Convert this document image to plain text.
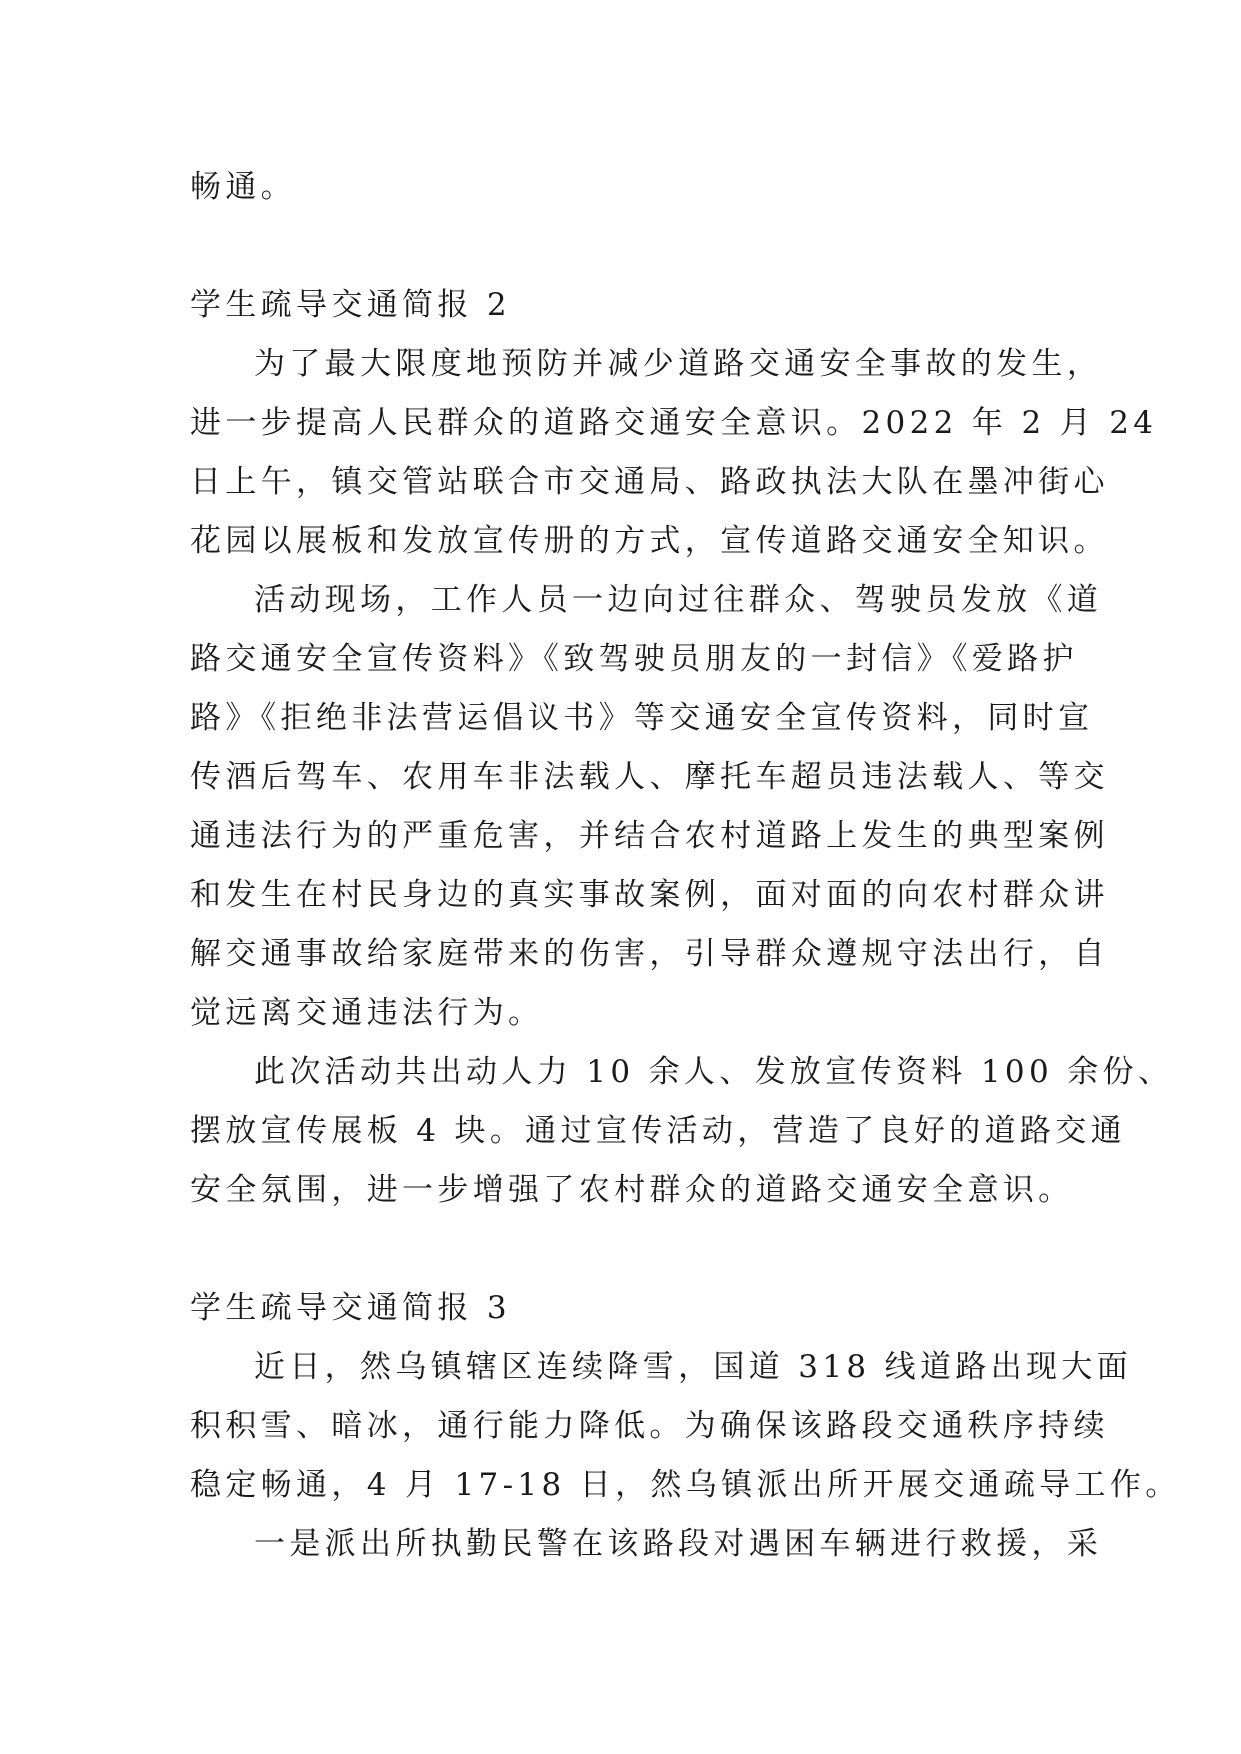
畅通。
学生疏导交通简报 2
为了最大限度地预防并减少道路交通安全事故的发生，
进一步提高人民群众的道路交通安全意识。2022 年 2 月 24
日上午，镇交管站联合市交通局、路政执法大队在墨冲街心
花园以展板和发放宣传册的方式，宣传道路交通安全知识。
活动现场，工作人员一边向过往群众、驾驶员发放《道
路交通安全宣传资料》《致驾驶员朋友的一封信》《爱路护
路》《拒绝非法营运倡议书》等交通安全宣传资料，同时宣
传酒后驾车、农用车非法载人、摩托车超员违法载人、等交
通违法行为的严重危害，并结合农村道路上发生的典型案例
和发生在村民身边的真实事故案例，面对面的向农村群众讲
解交通事故给家庭带来的伤害，引导群众遵规守法出行，自
觉远离交通违法行为。
此次活动共出动人力 10 余人、发放宣传资料 100 余份、
摆放宣传展板 4 块。通过宣传活动，营造了良好的道路交通
安全氛围，进一步增强了农村群众的道路交通安全意识。
学生疏导交通简报 3
近日，然乌镇辖区连续降雪，国道 318 线道路出现大面
积积雪、暗冰，通行能力降低。为确保该路段交通秩序持续
稳定畅通，4 月 17-18 日，然乌镇派出所开展交通疏导工作。
一是派出所执勤民警在该路段对遇困车辆进行救援，采
